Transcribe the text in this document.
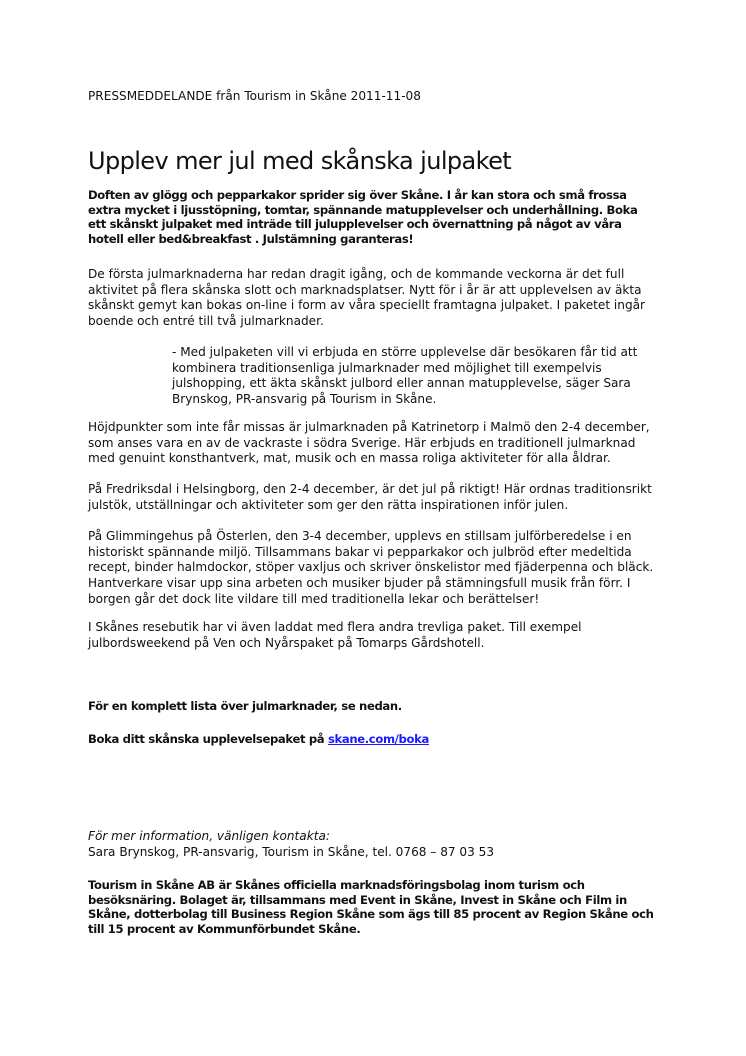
PRESSMEDDELANDE från Tourism in Skåne 2011-11-08
Upplev mer jul med skånska julpaket

Doften av glögg och pepparkakor sprider sig över Skåne. I år kan stora och små frossa extra mycket i ljusstöpning, tomtar, spännande matupplevelser och underhållning. Boka ett skånskt julpaket med inträde till julupplevelser och övernattning på något av våra hotell eller bed&breakfast . Julstämning garanteras!

De första julmarknaderna har redan dragit igång, och de kommande veckorna är det full aktivitet på flera skånska slott och marknadsplatser. Nytt för i år är att upplevelsen av äkta skånskt gemyt kan bokas on-line i form av våra speciellt framtagna julpaket. I paketet ingår boende och entré till två julmarknader.

- Med julpaketen vill vi erbjuda en större upplevelse där besökaren får tid att kombinera traditionsenliga julmarknader med möjlighet till exempelvis julshopping, ett äkta skånskt julbord eller annan matupplevelse, säger Sara Brynskog, PR-ansvarig på Tourism in Skåne.

Höjdpunkter som inte får missas är julmarknaden på Katrinetorp i Malmö den 2-4 december, som anses vara en av de vackraste i södra Sverige. Här erbjuds en traditionell julmarknad med genuint konsthantverk, mat, musik och en massa roliga aktiviteter för alla åldrar.

På Fredriksdal i Helsingborg, den 2-4 december, är det jul på riktigt! Här ordnas traditionsrikt julstök, utställningar och aktiviteter som ger den rätta inspirationen inför julen.

På Glimmingehus på Österlen, den 3-4 december, upplevs en stillsam julförberedelse i en historiskt spännande miljö. Tillsammans bakar vi pepparkakor och julbröd efter medeltida recept, binder halmdockor, stöper vaxljus och skriver önskelistor med fjäderpenna och bläck. Hantverkare visar upp sina arbeten och musiker bjuder på stämningsfull musik från förr. I borgen går det dock lite vildare till med traditionella lekar och berättelser!

I Skånes resebutik har vi även laddat med flera andra trevliga paket. Till exempel julbordsweekend på Ven och Nyårspaket på Tomarps Gårdshotell.

För en komplett lista över julmarknader, se nedan.

Boka ditt skånska upplevelsepaket på skane.com/boka

För mer information, vänligen kontakta:

Sara Brynskog, PR-ansvarig, Tourism in Skåne, tel. 0768 – 87 03 53

Tourism in Skåne AB är Skånes officiella marknadsföringsbolag inom turism och besöksnäring. Bolaget är, tillsammans med Event in Skåne, Invest in Skåne och Film in Skåne, dotterbolag till Business Region Skåne som ägs till 85 procent av Region Skåne och till 15 procent av Kommunförbundet Skåne.
